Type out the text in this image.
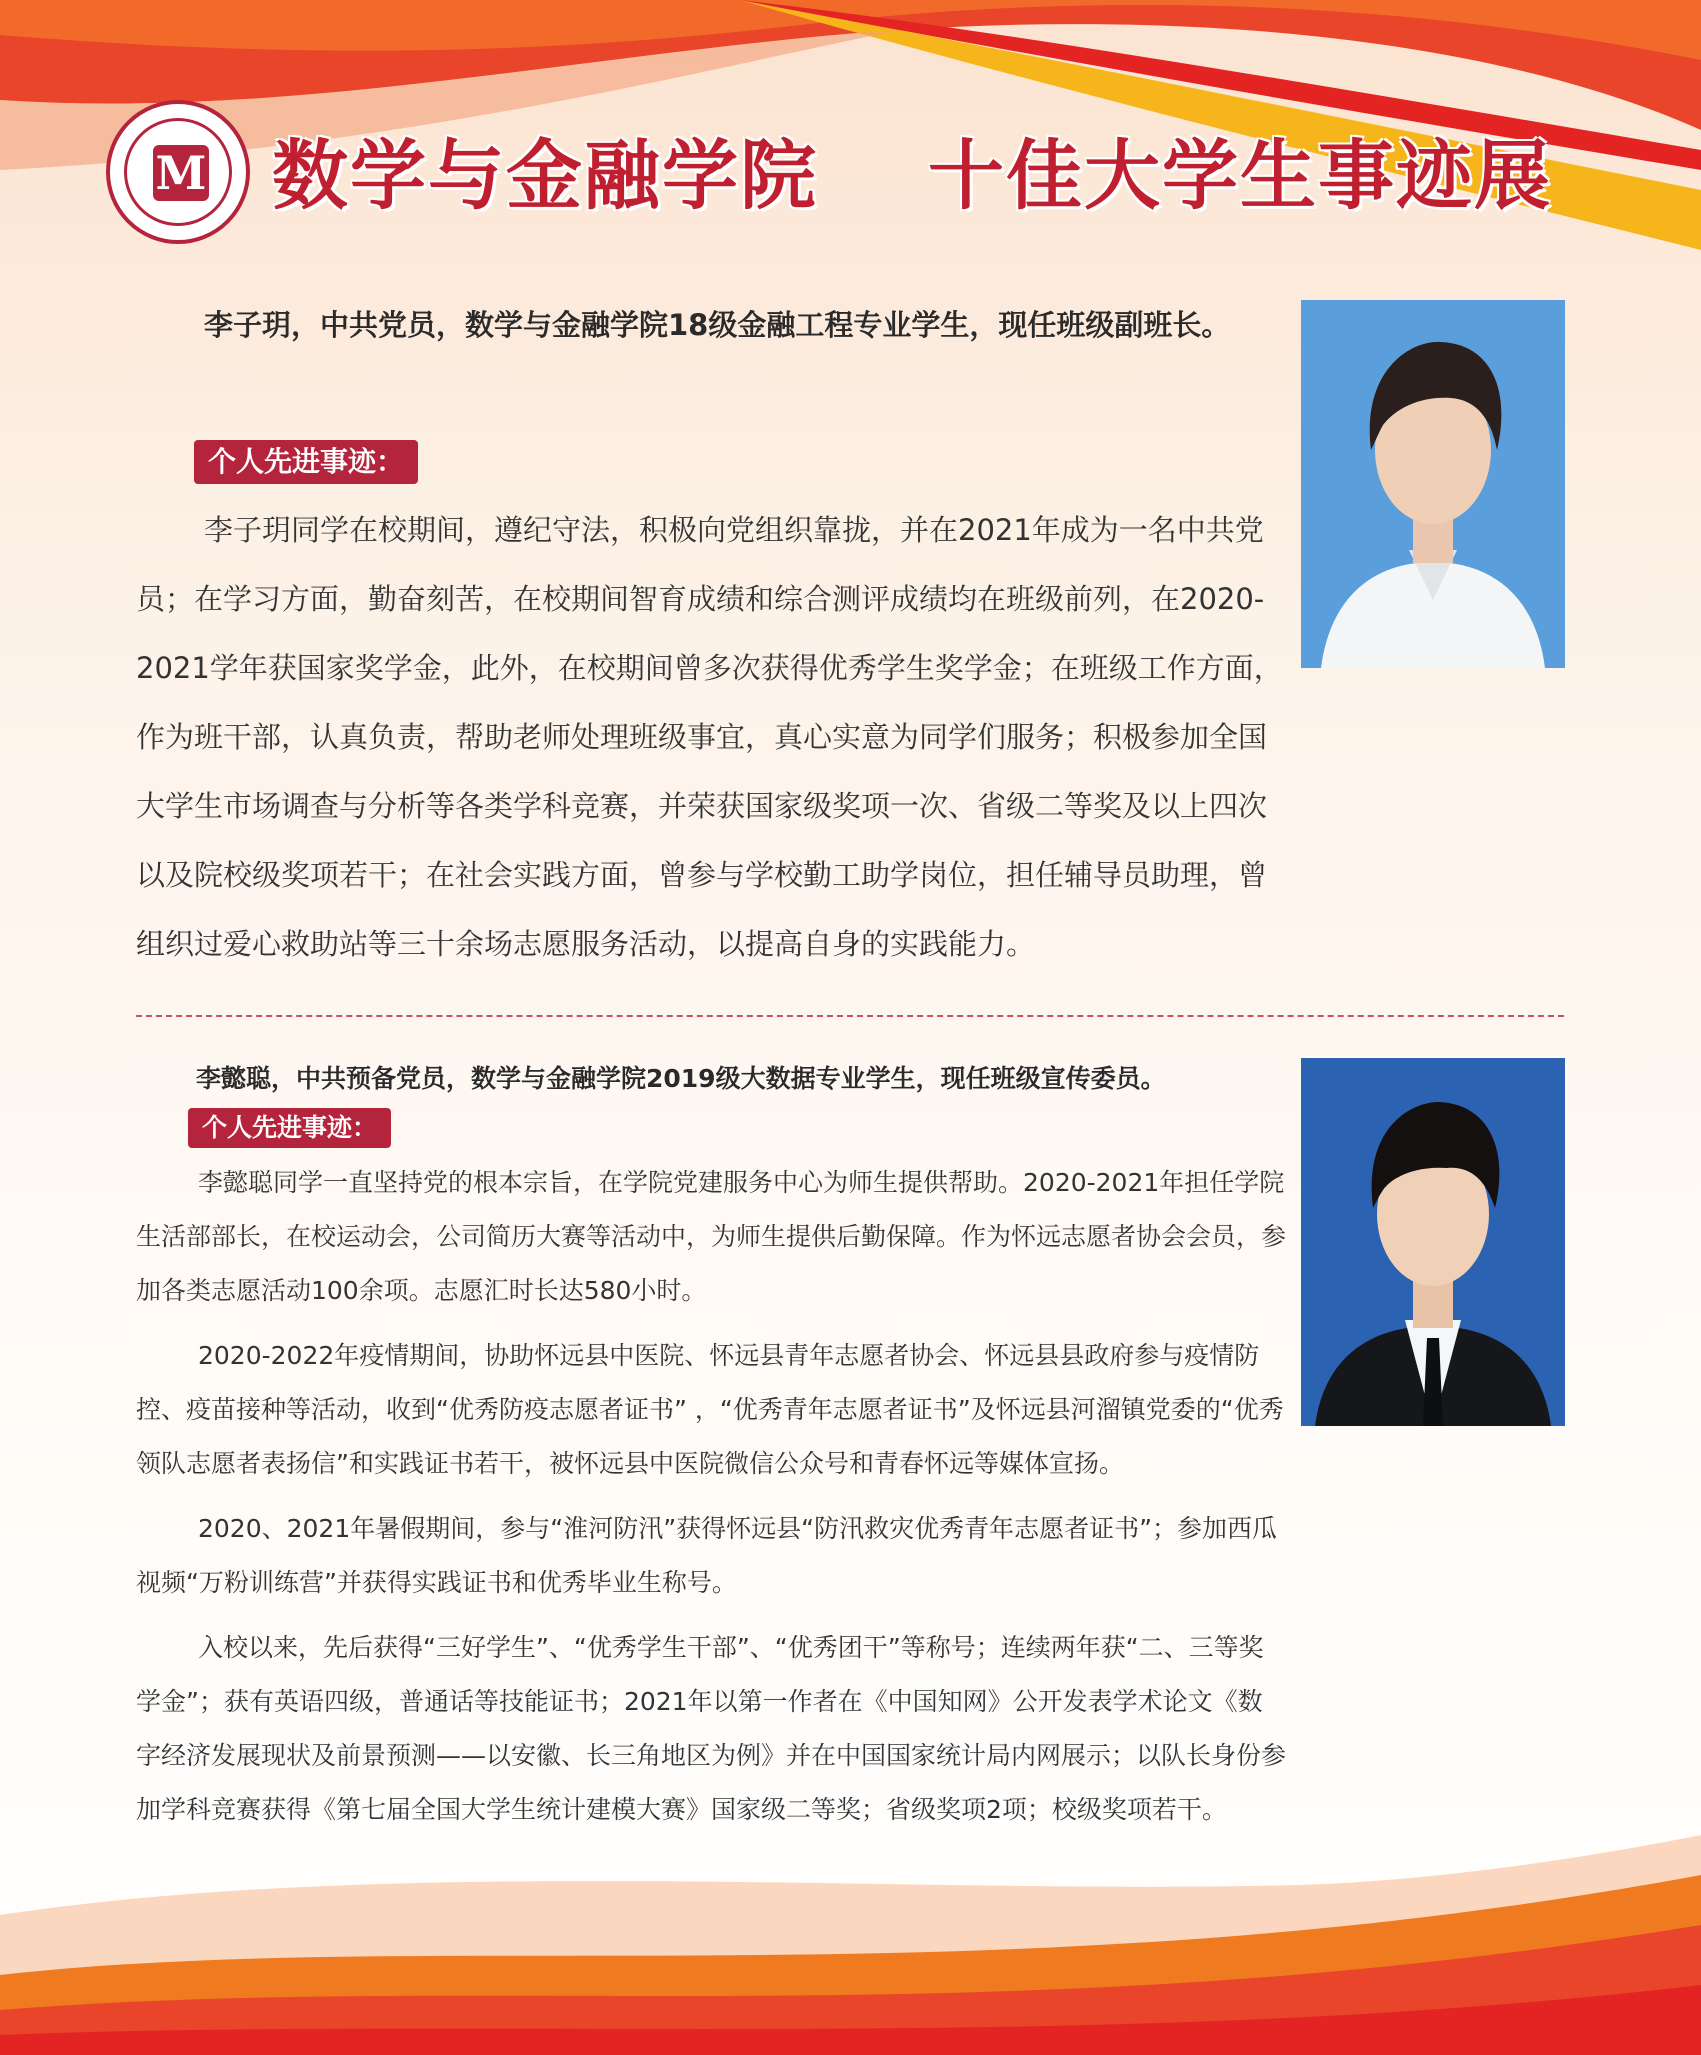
M 数学与金融学院 十佳大学生事迹展
李子玥，中共党员，数学与金融学院18级金融工程专业学生，现任班级副班长。
个人先进事迹：
李子玥同学在校期间，遵纪守法，积极向党组织靠拢，并在2021年成为一名中共党员；在学习方面，勤奋刻苦，在校期间智育成绩和综合测评成绩均在班级前列，在2020-2021学年获国家奖学金，此外，在校期间曾多次获得优秀学生奖学金；在班级工作方面，作为班干部，认真负责，帮助老师处理班级事宜，真心实意为同学们服务；积极参加全国大学生市场调查与分析等各类学科竞赛，并荣获国家级奖项一次、省级二等奖及以上四次以及院校级奖项若干；在社会实践方面，曾参与学校勤工助学岗位，担任辅导员助理，曾组织过爱心救助站等三十余场志愿服务活动，以提高自身的实践能力。
李懿聪，中共预备党员，数学与金融学院2019级大数据专业学生，现任班级宣传委员。
个人先进事迹：

李懿聪同学一直坚持党的根本宗旨，在学院党建服务中心为师生提供帮助。2020-2021年担任学院生活部部长，在校运动会，公司简历大赛等活动中，为师生提供后勤保障。作为怀远志愿者协会会员，参加各类志愿活动100余项。志愿汇时长达580小时。

2020-2022年疫情期间，协助怀远县中医院、怀远县青年志愿者协会、怀远县县政府参与疫情防控、疫苗接种等活动，收到“优秀防疫志愿者证书” ，“优秀青年志愿者证书”及怀远县河溜镇党委的“优秀领队志愿者表扬信”和实践证书若干，被怀远县中医院微信公众号和青春怀远等媒体宣扬。

2020、2021年暑假期间，参与“淮河防汛”获得怀远县“防汛救灾优秀青年志愿者证书”；参加西瓜视频“万粉训练营”并获得实践证书和优秀毕业生称号。

入校以来，先后获得“三好学生”、“优秀学生干部”、“优秀团干”等称号；连续两年获“二、三等奖学金”；获有英语四级，普通话等技能证书；2021年以第一作者在《中国知网》公开发表学术论文《数字经济发展现状及前景预测——以安徽、长三角地区为例》并在中国国家统计局内网展示；以队长身份参加学科竞赛获得《第七届全国大学生统计建模大赛》国家级二等奖；省级奖项2项；校级奖项若干。
